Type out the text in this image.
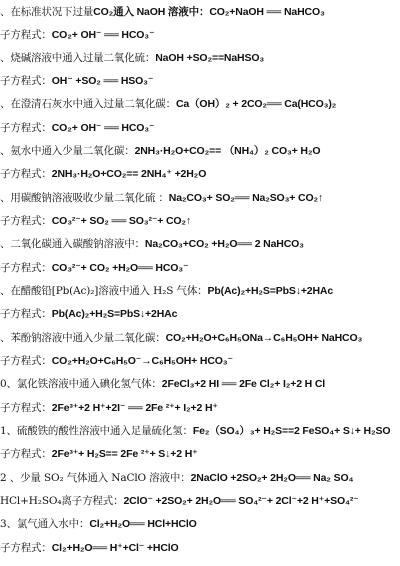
、在标准状况下过量CO₂通入 NaOH 溶液中：CO₂+NaOH ══ NaHCO₃
子方程式：CO₂+ OH⁻ ══ HCO₃⁻
、烧碱溶液中通入过量二氧化硫：NaOH +SO₂==NaHSO₃
子方程式：OH⁻ +SO₂ ══ HSO₃⁻
、在澄清石灰水中通入过量二氧化碳：Ca（OH）₂ + 2CO₂══ Ca(HCO₃)₂
子方程式：CO₂+ OH⁻ ══ HCO₃⁻
、氨水中通入少量二氧化碳：2NH₃·H₂O+CO₂== （NH₄）₂ CO₃+ H₂O
子方程式：2NH₃·H₂O+CO₂== 2NH₄⁺ +2H₂O
、用碳酸钠溶液吸收少量二氧化硫 ：Na₂CO₃+ SO₂══ Na₂SO₃+ CO₂↑
子方程式：CO₃²⁻+ SO₂ ══ SO₃²⁻+ CO₂↑
、二氧化碳通入碳酸钠溶液中：Na₂CO₃+CO₂ +H₂O══ 2 NaHCO₃
子方程式：CO₃²⁻+ CO₂ +H₂O══ HCO₃⁻
、在醋酸铅[Pb(Ac)₂]溶液中通入 H₂S 气体：Pb(Ac)₂+H₂S=PbS↓+2HAc
子方程式：Pb(Ac)₂+H₂S=PbS↓+2HAc
、苯酚钠溶液中通入少量二氧化碳：CO₂+H₂O+C₆H₅ONa→C₆H₅OH+ NaHCO₃
子方程式：CO₂+H₂O+C₆H₅O⁻→C₆H₅OH+ HCO₃⁻
0、氯化铁溶液中通入碘化氢气体：2FeCl₃+2 HI ══ 2Fe Cl₂+ I₂+2 H Cl
子方程式：2Fe³⁺+2 H⁺+2I⁻ ══ 2Fe ²⁺+ I₂+2 H⁺
1、硫酸铁的酸性溶液中通入足量硫化氢：Fe₂（SO₄）₃+ H₂S==2 FeSO₄+ S↓+ H₂SO
子方程式：2Fe³⁺+ H₂S== 2Fe ²⁺+ S↓+2 H⁺
2 、少量 SO₂ 气体通入 NaClO 溶液中：2NaClO +2SO₂+ 2H₂O══ Na₂ SO₄
HCl+H₂SO₄离子方程式：2ClO⁻ +2SO₂+ 2H₂O══ SO₄²⁻+ 2Cl⁻+2 H⁺+SO₄²⁻
3、氯气通入水中：Cl₂+H₂O══ HCl+HClO
子方程式：Cl₂+H₂O══ H⁺+Cl⁻ +HClO
